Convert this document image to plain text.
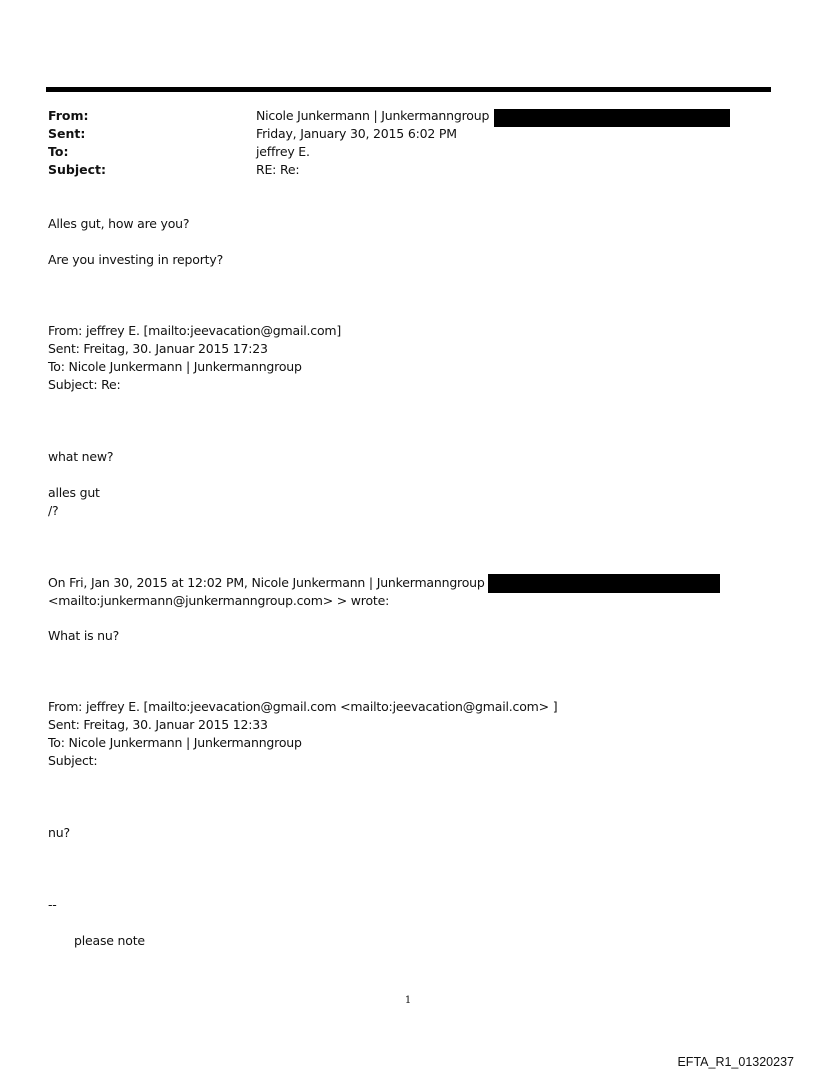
From:	Nicole Junkermann | Junkermanngroup
Sent:	Friday, January 30, 2015 6:02 PM
To:	jeffrey E.
Subject:	RE: Re:
Alles gut, how are you?
Are you investing in reporty?
From: jeffrey E. [mailto:jeevacation@gmail.com]
Sent: Freitag, 30. Januar 2015 17:23
To: Nicole Junkermann | Junkermanngroup
Subject: Re:
what new?
alles gut
/?
On Fri, Jan 30, 2015 at 12:02 PM, Nicole Junkermann | Junkermanngroup
<mailto:junkermann@junkermanngroup.com> > wrote:
What is nu?
From: jeffrey E. [mailto:jeevacation@gmail.com <mailto:jeevacation@gmail.com> ]
Sent: Freitag, 30. Januar 2015 12:33
To: Nicole Junkermann | Junkermanngroup
Subject:
nu?
--
please note
1
EFTA_R1_01320237
